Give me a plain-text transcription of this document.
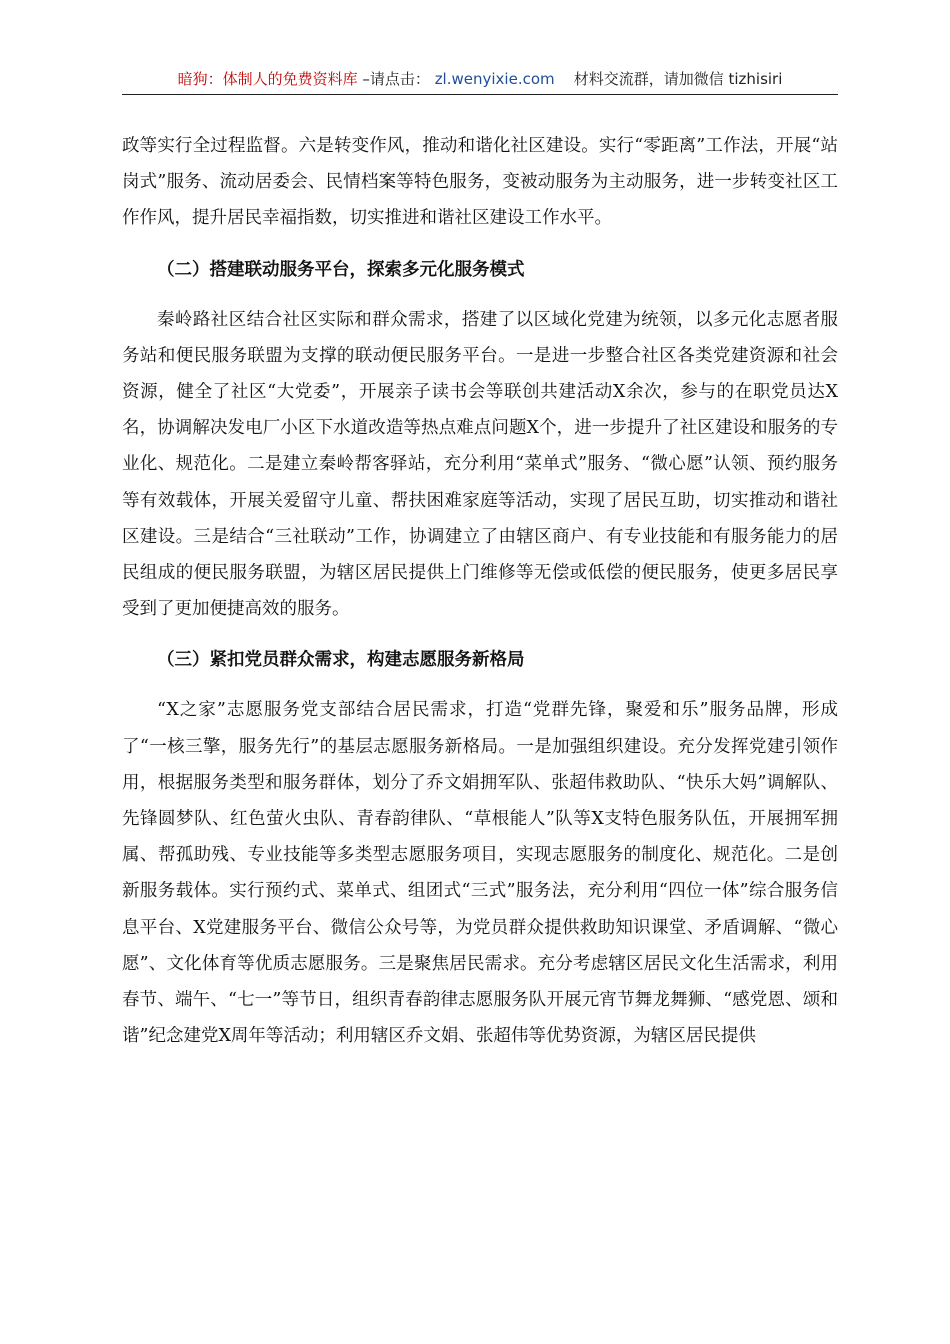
暗狗：体制人的免费资料库 –请点击： zl.wenyixie.com 材料交流群，请加微信 tizhisiri

政等实行全过程监督。六是转变作风，推动和谐化社区建设。实行“零距离”工作法，开展“站岗式”服务、流动居委会、民情档案等特色服务，变被动服务为主动服务，进一步转变社区工作作风，提升居民幸福指数，切实推进和谐社区建设工作水平。

（二）搭建联动服务平台，探索多元化服务模式

秦岭路社区结合社区实际和群众需求，搭建了以区域化党建为统领，以多元化志愿者服务站和便民服务联盟为支撑的联动便民服务平台。一是进一步整合社区各类党建资源和社会资源，健全了社区“大党委”，开展亲子读书会等联创共建活动X余次，参与的在职党员达X名，协调解决发电厂小区下水道改造等热点难点问题X个，进一步提升了社区建设和服务的专业化、规范化。二是建立秦岭帮客驿站，充分利用“菜单式”服务、“微心愿”认领、预约服务等有效载体，开展关爱留守儿童、帮扶困难家庭等活动，实现了居民互助，切实推动和谐社区建设。三是结合“三社联动”工作，协调建立了由辖区商户、有专业技能和有服务能力的居民组成的便民服务联盟，为辖区居民提供上门维修等无偿或低偿的便民服务，使更多居民享受到了更加便捷高效的服务。

（三）紧扣党员群众需求，构建志愿服务新格局

“X之家”志愿服务党支部结合居民需求，打造“党群先锋，聚爱和乐”服务品牌，形成了“一核三擎，服务先行”的基层志愿服务新格局。一是加强组织建设。充分发挥党建引领作用，根据服务类型和服务群体，划分了乔文娟拥军队、张超伟救助队、“快乐大妈”调解队、先锋圆梦队、红色萤火虫队、青春韵律队、“草根能人”队等X支特色服务队伍，开展拥军拥属、帮孤助残、专业技能等多类型志愿服务项目，实现志愿服务的制度化、规范化。二是创新服务载体。实行预约式、菜单式、组团式“三式”服务法，充分利用“四位一体”综合服务信息平台、X党建服务平台、微信公众号等，为党员群众提供救助知识课堂、矛盾调解、“微心愿”、文化体育等优质志愿服务。三是聚焦居民需求。充分考虑辖区居民文化生活需求，利用春节、端午、“七一”等节日，组织青春韵律志愿服务队开展元宵节舞龙舞狮、“感党恩、颂和谐”纪念建党X周年等活动；利用辖区乔文娟、张超伟等优势资源，为辖区居民提供
